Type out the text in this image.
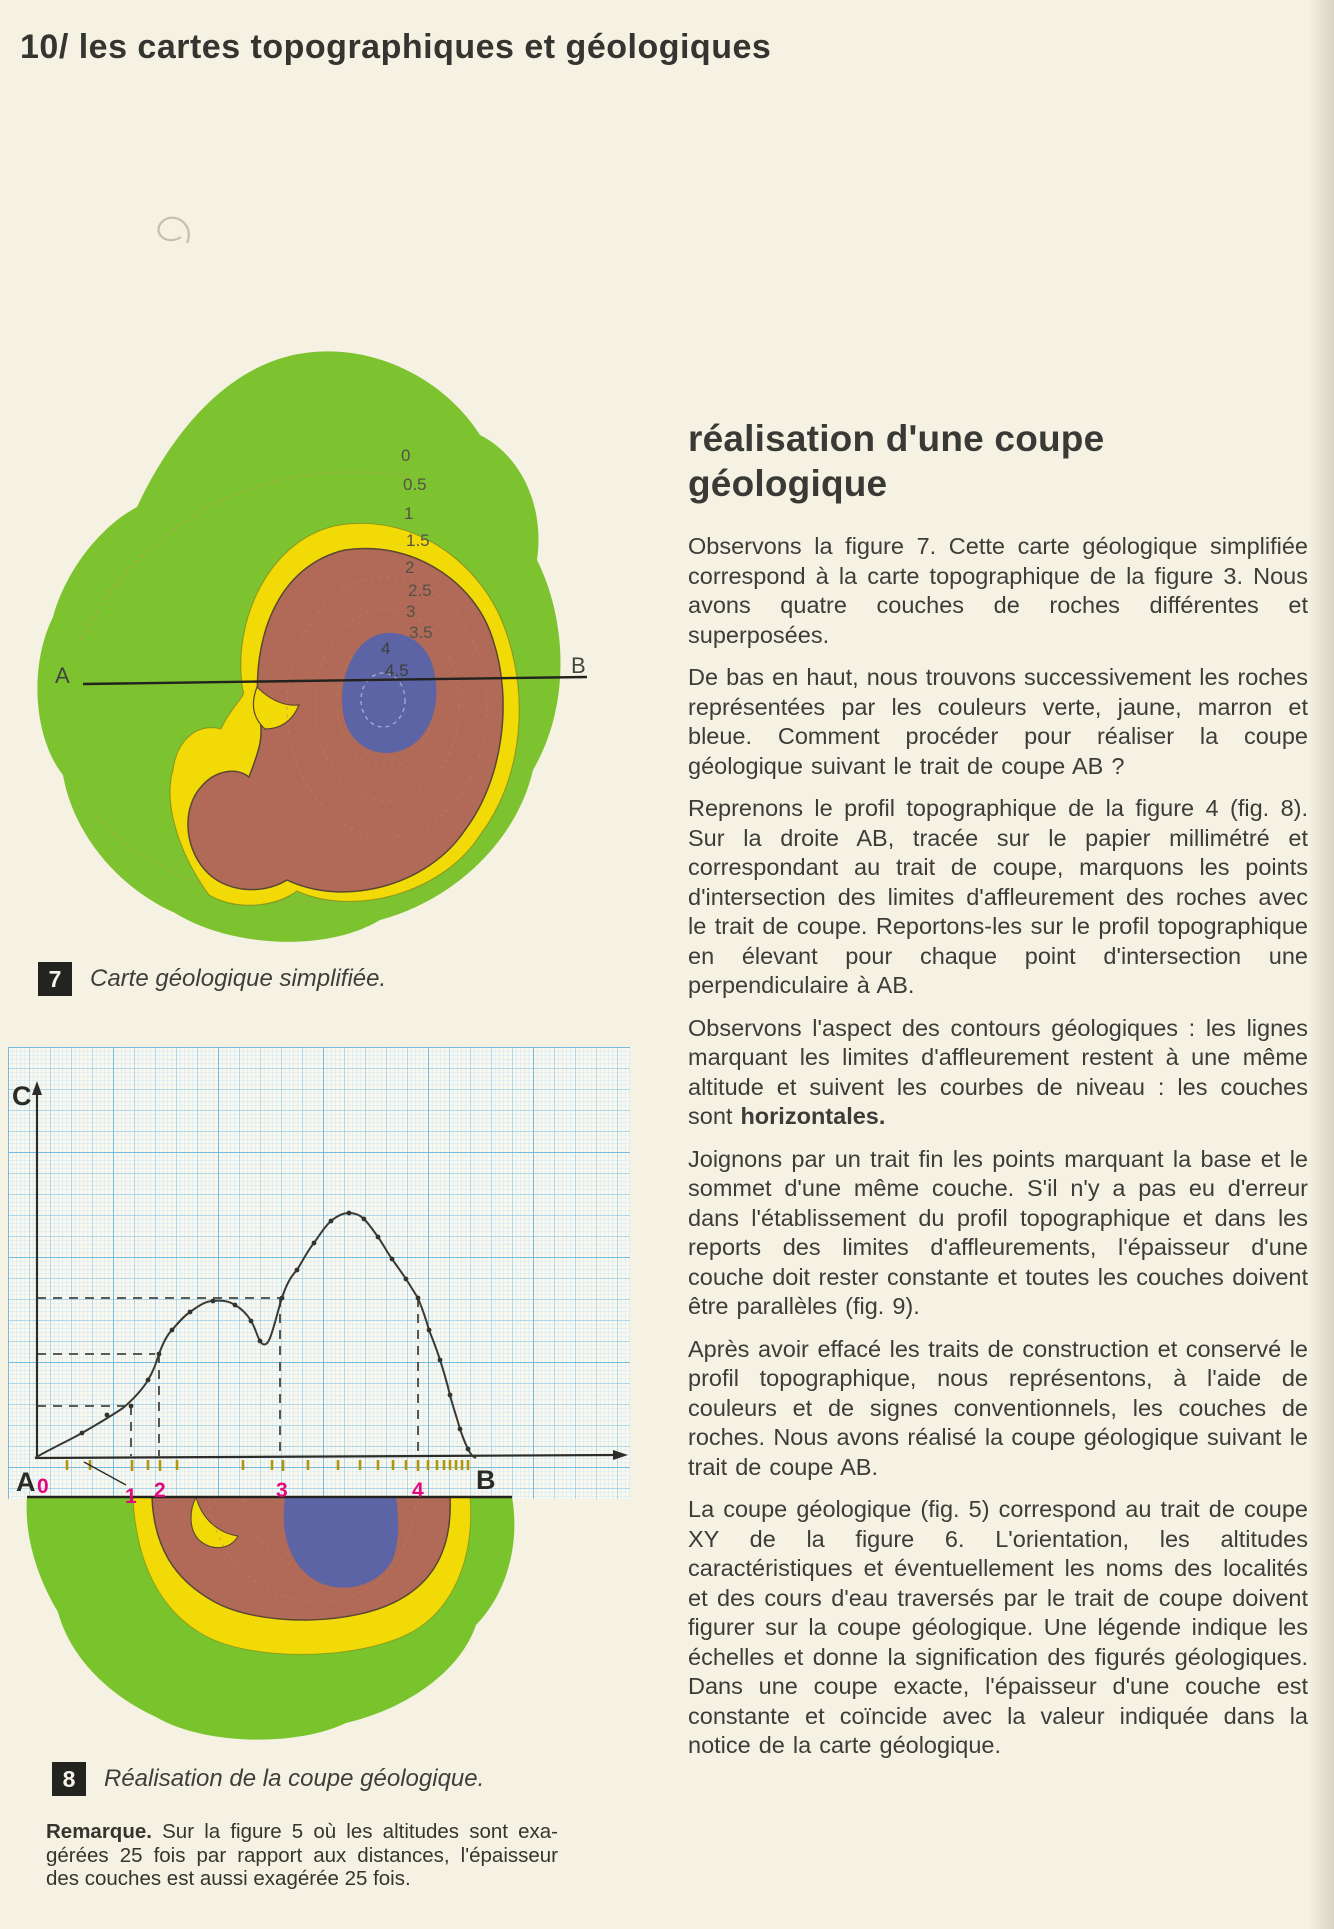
10/ les cartes topographiques et géologiques
A	B
0
0.5
1
1.5
2
2.5
3
3.5
4
4.5
7	Carte géologique simplifiée.
C
A	B
0	1 2	3	4
8	Réalisation de la coupe géologique.
Remarque. Sur la figure 5 où les altitudes sont exa-gérées 25 fois par rapport aux distances, l'épaisseur des couches est aussi exagérée 25 fois.
réalisation d'une coupe géologique

Observons la figure 7. Cette carte géologique simplifiée correspond à la carte topographique de la figure 3. Nous avons quatre couches de roches différentes et superposées.

De bas en haut, nous trouvons successivement les roches représentées par les couleurs verte, jaune, marron et bleue. Comment procéder pour réaliser la coupe géologique suivant le trait de coupe AB ?

Reprenons le profil topographique de la figure 4 (fig. 8). Sur la droite AB, tracée sur le papier millimétré et correspondant au trait de coupe, marquons les points d'intersection des limites d'affleurement des roches avec le trait de coupe. Reportons-les sur le profil topographique en élevant pour chaque point d'intersection une perpendiculaire à AB.

Observons l'aspect des contours géologiques : les lignes marquant les limites d'affleurement restent à une même altitude et suivent les courbes de niveau : les couches sont horizontales.

Joignons par un trait fin les points marquant la base et le sommet d'une même couche. S'il n'y a pas eu d'erreur dans l'établissement du profil topographique et dans les reports des limites d'affleurements, l'épaisseur d'une couche doit rester constante et toutes les couches doivent être parallèles (fig. 9).

Après avoir effacé les traits de construction et conservé le profil topographique, nous représentons, à l'aide de couleurs et de signes conventionnels, les couches de roches. Nous avons réalisé la coupe géologique suivant le trait de coupe AB.

La coupe géologique (fig. 5) correspond au trait de coupe XY de la figure 6. L'orientation, les altitudes caractéristiques et éventuellement les noms des localités et des cours d'eau traversés par le trait de coupe doivent figurer sur la coupe géologique. Une légende indique les échelles et donne la signification des figurés géologiques. Dans une coupe exacte, l'épaisseur d'une couche est constante et coïncide avec la valeur indiquée dans la notice de la carte géologique.
